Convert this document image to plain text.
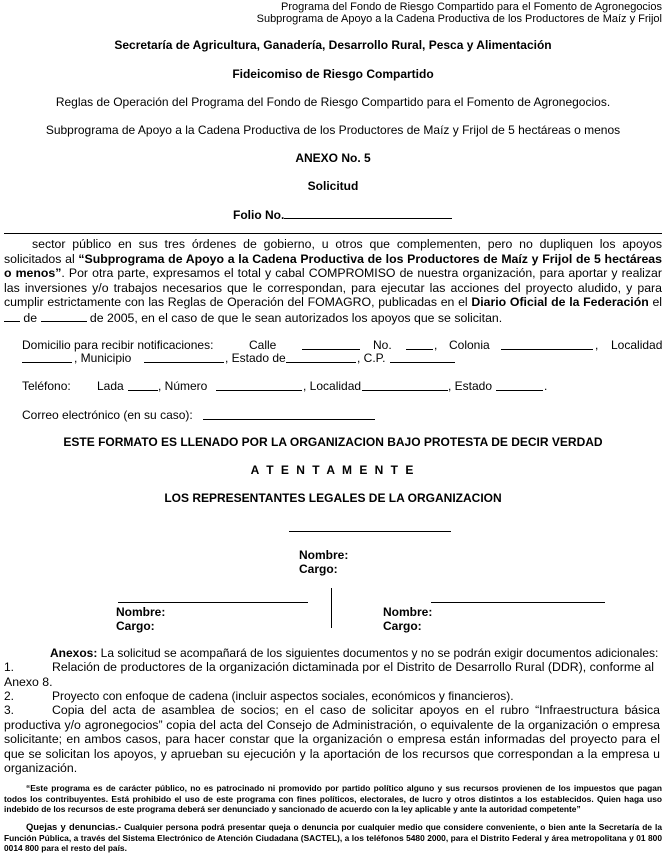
Programa del Fondo de Riesgo Compartido para el Fomento de Agronegocios
Subprograma de Apoyo a la Cadena Productiva de los Productores de Maíz y Frijol
Secretaría de Agricultura, Ganadería, Desarrollo Rural, Pesca y Alimentación
Fideicomiso de Riesgo Compartido
Reglas de Operación del Programa del Fondo de Riesgo Compartido para el Fomento de Agronegocios.
Subprograma de Apoyo a la Cadena Productiva de los Productores de Maíz y Frijol de 5 hectáreas o menos
ANEXO No. 5
Solicitud
Folio No.
sector público en sus tres órdenes de gobierno, u otros que complementen, pero no dupliquen los apoyos solicitados al “Subprograma de Apoyo a la Cadena Productiva de los Productores de Maíz y Frijol de 5 hectáreas o menos”. Por otra parte, expresamos el total y cabal COMPROMISO de nuestra organización, para aportar y realizar las inversiones y/o trabajos necesarios que le correspondan, para ejecutar las acciones del proyecto aludido, y para cumplir estrictamente con las Reglas de Operación del FOMAGRO, publicadas en el Diario Oficial de la Federación el  de	de 2005, en el caso de que le sean autorizados los apoyos que se solicitan.
Domicilio para recibir notificaciones:	Calle	No.	, Colonia	, Localidad
, Municipio	, Estado de	, C.P.
Teléfono: Lada	, Número	, Localidad	, Estado	.
Correo electrónico (en su caso):
ESTE FORMATO ES LLENADO POR LA ORGANIZACION BAJO PROTESTA DE DECIR VERDAD
A T E N T A M E N T E
LOS REPRESENTANTES LEGALES DE LA ORGANIZACION
Nombre:
Cargo:
Nombre:
Cargo:
Nombre:
Cargo:
Anexos: La solicitud se acompañará de los siguientes documentos y no se podrán exigir documentos adicionales:
1.	Relación de productores de la organización dictaminada por el Distrito de Desarrollo Rural (DDR), conforme al Anexo 8.
2.	Proyecto con enfoque de cadena (incluir aspectos sociales, económicos y financieros).
3.	Copia del acta de asamblea de socios; en el caso de solicitar apoyos en el rubro “Infraestructura básica productiva y/o agronegocios” copia del acta del Consejo de Administración, o equivalente de la organización o empresa solicitante; en ambos casos, para hacer constar que la organización o empresa están informadas del proyecto para el que se solicitan los apoyos, y aprueban su ejecución y la aportación de los recursos que correspondan a la empresa u organización.
“Este programa es de carácter público, no es patrocinado ni promovido por partido político alguno y sus recursos provienen de los impuestos que pagan todos los contribuyentes. Está prohibido el uso de este programa con fines políticos, electorales, de lucro y otros distintos a los establecidos. Quien haga uso indebido de los recursos de este programa deberá ser denunciado y sancionado de acuerdo con la ley aplicable y ante la autoridad competente”
Quejas y denuncias.- Cualquier persona podrá presentar queja o denuncia por cualquier medio que considere conveniente, o bien ante la Secretaría de la Función Pública, a través del Sistema Electrónico de Atención Ciudadana (SACTEL), a los teléfonos 5480 2000, para el Distrito Federal y área metropolitana y 01 800 0014 800 para el resto del país.
